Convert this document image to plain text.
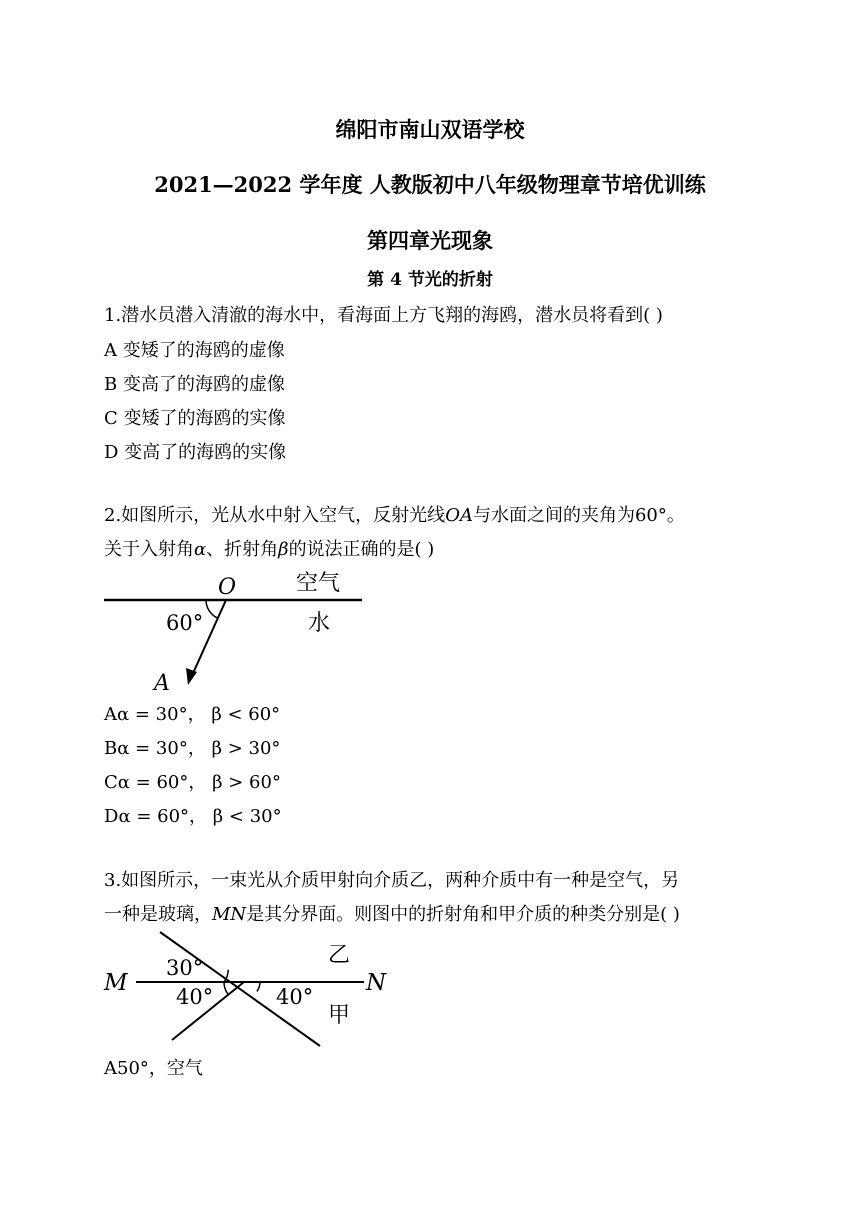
绵阳市南山双语学校
2021—2022 学年度 人教版初中八年级物理章节培优训练
第四章光现象
第 4 节光的折射
1.潜水员潜入清澈的海水中，看海面上方飞翔的海鸥，潜水员将看到( )
A 变矮了的海鸥的虚像
B 变高了的海鸥的虚像
C 变矮了的海鸥的实像
D 变高了的海鸥的实像
2.如图所示，光从水中射入空气，反射光线OA与水面之间的夹角为60°。
关于入射角α、折射角β的说法正确的是( )
O	空气
水
60°
A
Aα = 30°， β < 60°
Bα = 30°， β > 30°
Cα = 60°， β > 60°
Dα = 60°， β < 30°
3.如图所示，一束光从介质甲射向介质乙，两种介质中有一种是空气，另
一种是玻璃，MN是其分界面。则图中的折射角和甲介质的种类分别是( )
M	N
30°
40°	40°
乙
甲
A50°，空气
